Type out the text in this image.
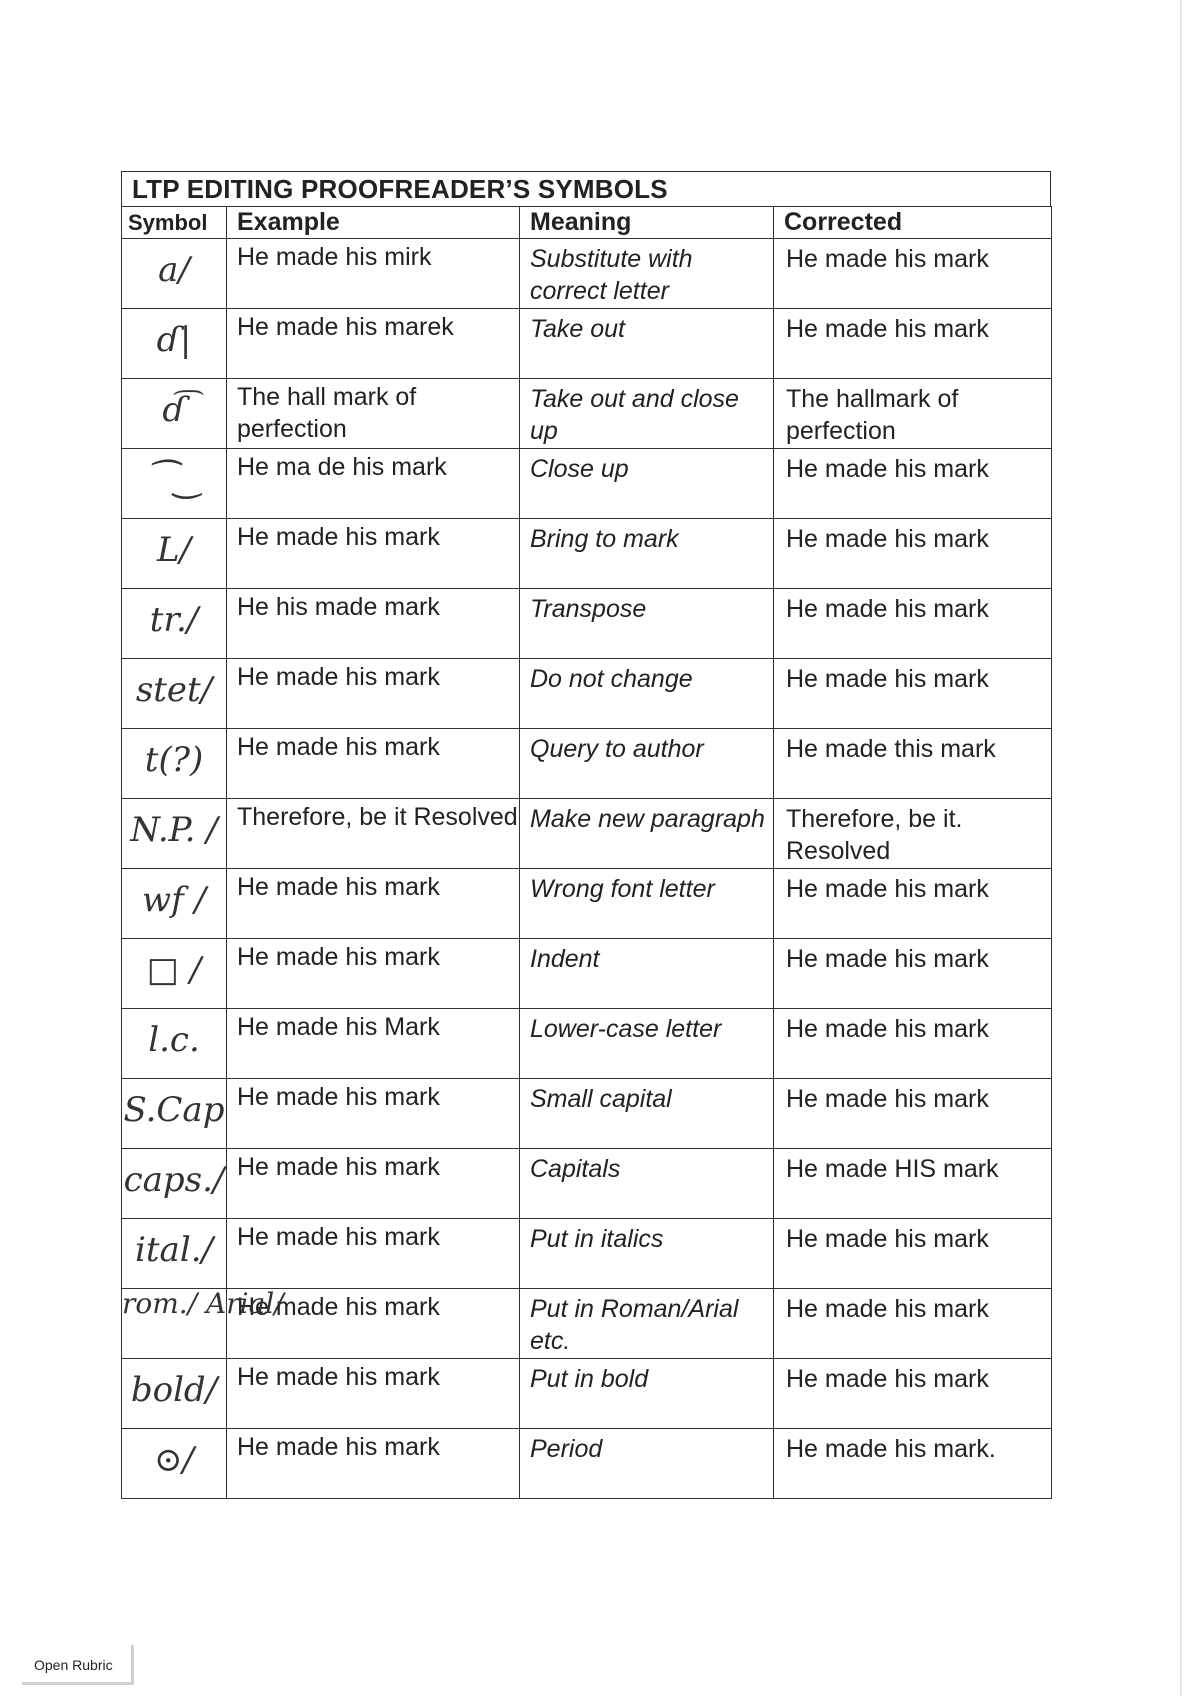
LTP EDITING PROOFREADER’S SYMBOLS
Symbol	Example	Meaning	Corrected
a/	He made his mirk	Substitute with correct letter	He made his mark
ɗ|	He made his marek	Take out	He made his mark
ɗ͡	The hall mark of perfection	Take out and close up	The hallmark of perfection
⁀‿	He ma de his mark	Close up	He made his mark
L/	He made his mark	Bring to mark	He made his mark
tr./	He his made mark	Transpose	He made his mark
stet/	He made his mark	Do not change	He made his mark
t(?)	He made his mark	Query to author	He made this mark
N.P. /	Therefore, be it Resolved	Make new paragraph	Therefore, be it. Resolved
wf /	He made his mark	Wrong font letter	He made his mark
□ /	He made his mark	Indent	He made his mark
l.c.	He made his Mark	Lower-case letter	He made his mark
S.Cap	He made his mark	Small capital	He made his mark
caps./	He made his mark	Capitals	He made HIS mark
ital./	He made his mark	Put in italics	He made his mark
rom./ Arial/	He made his mark	Put in Roman/Arial etc.	He made his mark
bold/	He made his mark	Put in bold	He made his mark
⊙/	He made his mark	Period	He made his mark.
Open Rubric
